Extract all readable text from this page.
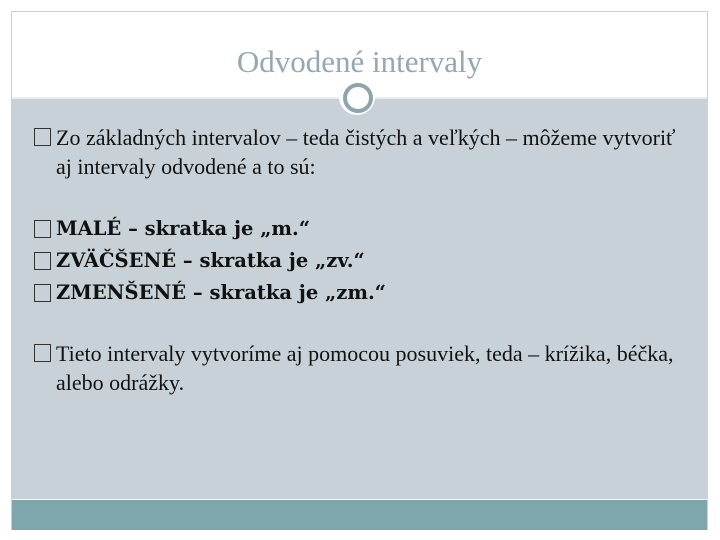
Odvodené intervaly
Zo základných intervalov – teda čistých a veľkých – môžeme vytvoriť aj intervaly odvodené a to sú:
MALÉ – skratka je „m.“
ZVÄČŠENÉ – skratka je „zv.“
ZMENŠENÉ – skratka je „zm.“
Tieto intervaly vytvoríme aj pomocou posuviek, teda – krížika, béčka, alebo odrážky.
